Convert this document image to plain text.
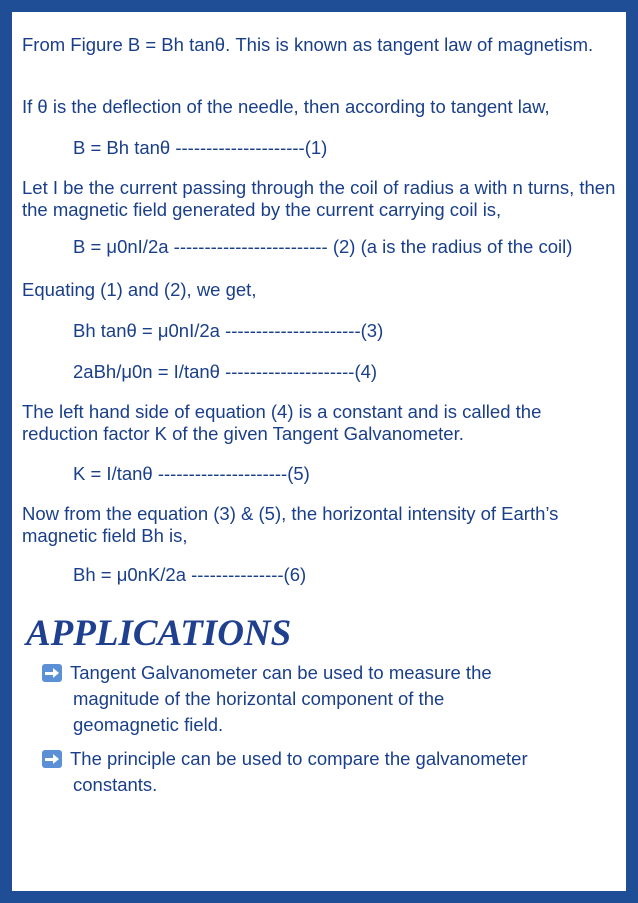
From Figure B = Bh tanθ. This is known as tangent law of magnetism.

If θ is the deflection of the needle, then according to tangent law,

B = Bh tanθ ---------------------(1)

Let I be the current passing through the coil of radius a with n turns, then the magnetic field generated by the current carrying coil is,

B = μ0nI/2a ------------------------- (2) (a is the radius of the coil)

Equating (1) and (2), we get,

Bh tanθ = μ0nI/2a ----------------------(3)

2aBh/μ0n = I/tanθ ---------------------(4)

The left hand side of equation (4) is a constant and is called the reduction factor K of the given Tangent Galvanometer.

K = I/tanθ ---------------------(5)

Now from the equation (3) & (5), the horizontal intensity of Earth’s magnetic field Bh is,

Bh = μ0nK/2a ---------------(6)

APPLICATIONS
Tangent Galvanometer can be used to measure the
magnitude of the horizontal component of the
geomagnetic field.
The principle can be used to compare the galvanometer
constants.
